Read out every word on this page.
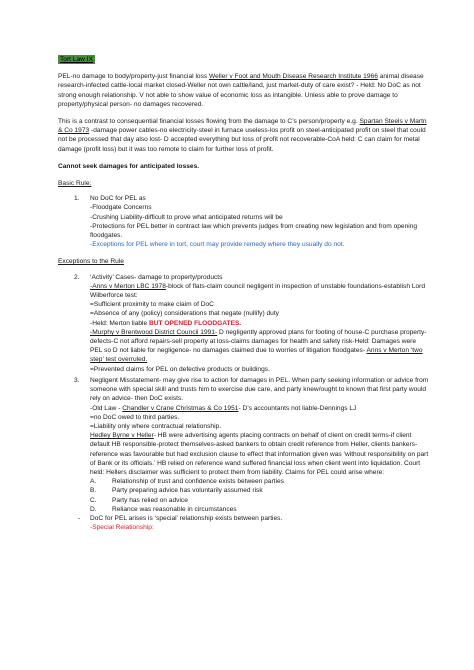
Tort Law IX

PEL-no damage to body/property-just financial loss Weller v Foot and Mouth Disease Research Institute 1966 animal disease research-infected cattle-local market closed-Weller not own cattle/land, just market-duty of care exist? - Held: No DoC as not strong enough relationship. V not able to show value of economic loss as intangible. Unless able to prove damage to property/physical person- no damages recovered.

This is a contrast to consequential financial losses flowing from the damage to C’s person/property e.g. Spartan Steels v Martn & Co 1973 -damage power cables-no electricity-steel in furnace useless-los profit on steel-anticipated profit on steel that could not be processed that day also lost- D accepted everything but loss of profit not recoverable-CoA held: C can claim for metal damage (profit loss) but it was too remote to claim for further loss of profit.

Cannot seek damages for anticipated losses.

Basic Rule:

1. No DoC for PEL as
-Floodgate Concerns
-Crushing Liability-difficult to prove what anticipated returns will be
-Protections for PEL better in contract law which prevents judges from creating new legislation and from opening floodgates.
-Exceptions for PEL where in tort, court may provide remedy where they usually do not.

Exceptions to the Rule

2. ‘Activity’ Cases- damage to property/products
-Anns v Merton LBC 1978-block of flats-claim council negligent in inspection of unstable foundations-establish Lord Wilberforce test:
=Sufficient proximity to make claim of DoC
=Absence of any (policy) considerations that negate (nullify) duty
-Held: Merton liable BUT OPENED FLOODGATES.
-Murphy v Brentwood District Council 1991- D negligently approved plans for footing of house-C purchase property-defects-C not afford repairs-sell property at loss-claims damages for health and safety risk-Held: Damages were PEL so D not liable for negligence- no damages claimed due to worries of litigation floodgates- Anns v Merton ‘two step’ test overruled.
=Prevented claims for PEL on defective products or buildings.
3. Negligent Misstatement- may give rise to action for damages in PEL. When party seeking information or advice from someone with special skill and trusts him to exercise due care, and party knew/ought to known that first party would rely on advice- then DoC exists.
-Old Law - Chandler v Crane Christmas & Co 1951- D’s accountants not liable-Dennings LJ
=no DoC owed to third parties.
=Liability only where contractual relationship.
Hedley Byrne v Heller- HB were advertising agents placing contracts on behalf of client on credit terms-if client default HB responsible-protect themselves-asked bankers to obtain credit reference from Heller, clients bankers-reference was favourable but had exclusion clause to effect that information given was ‘without responsibility on part of Bank or its officials.’ HB relied on reference wand suffered financial loss when client went into liquidation. Court held: Hellers disclaimer was sufficient to protect them from liability. Claims for PEL could arise where:
A. Relationship of trust and confidence exists between parties
B. Party preparing advice has voluntarily assumed risk
C. Party has relied on advice
D. Reliance was reasonable in circumstances
- DoC for PEL arises is ‘special’ relationship exists between parties.
-Special Relationship:
